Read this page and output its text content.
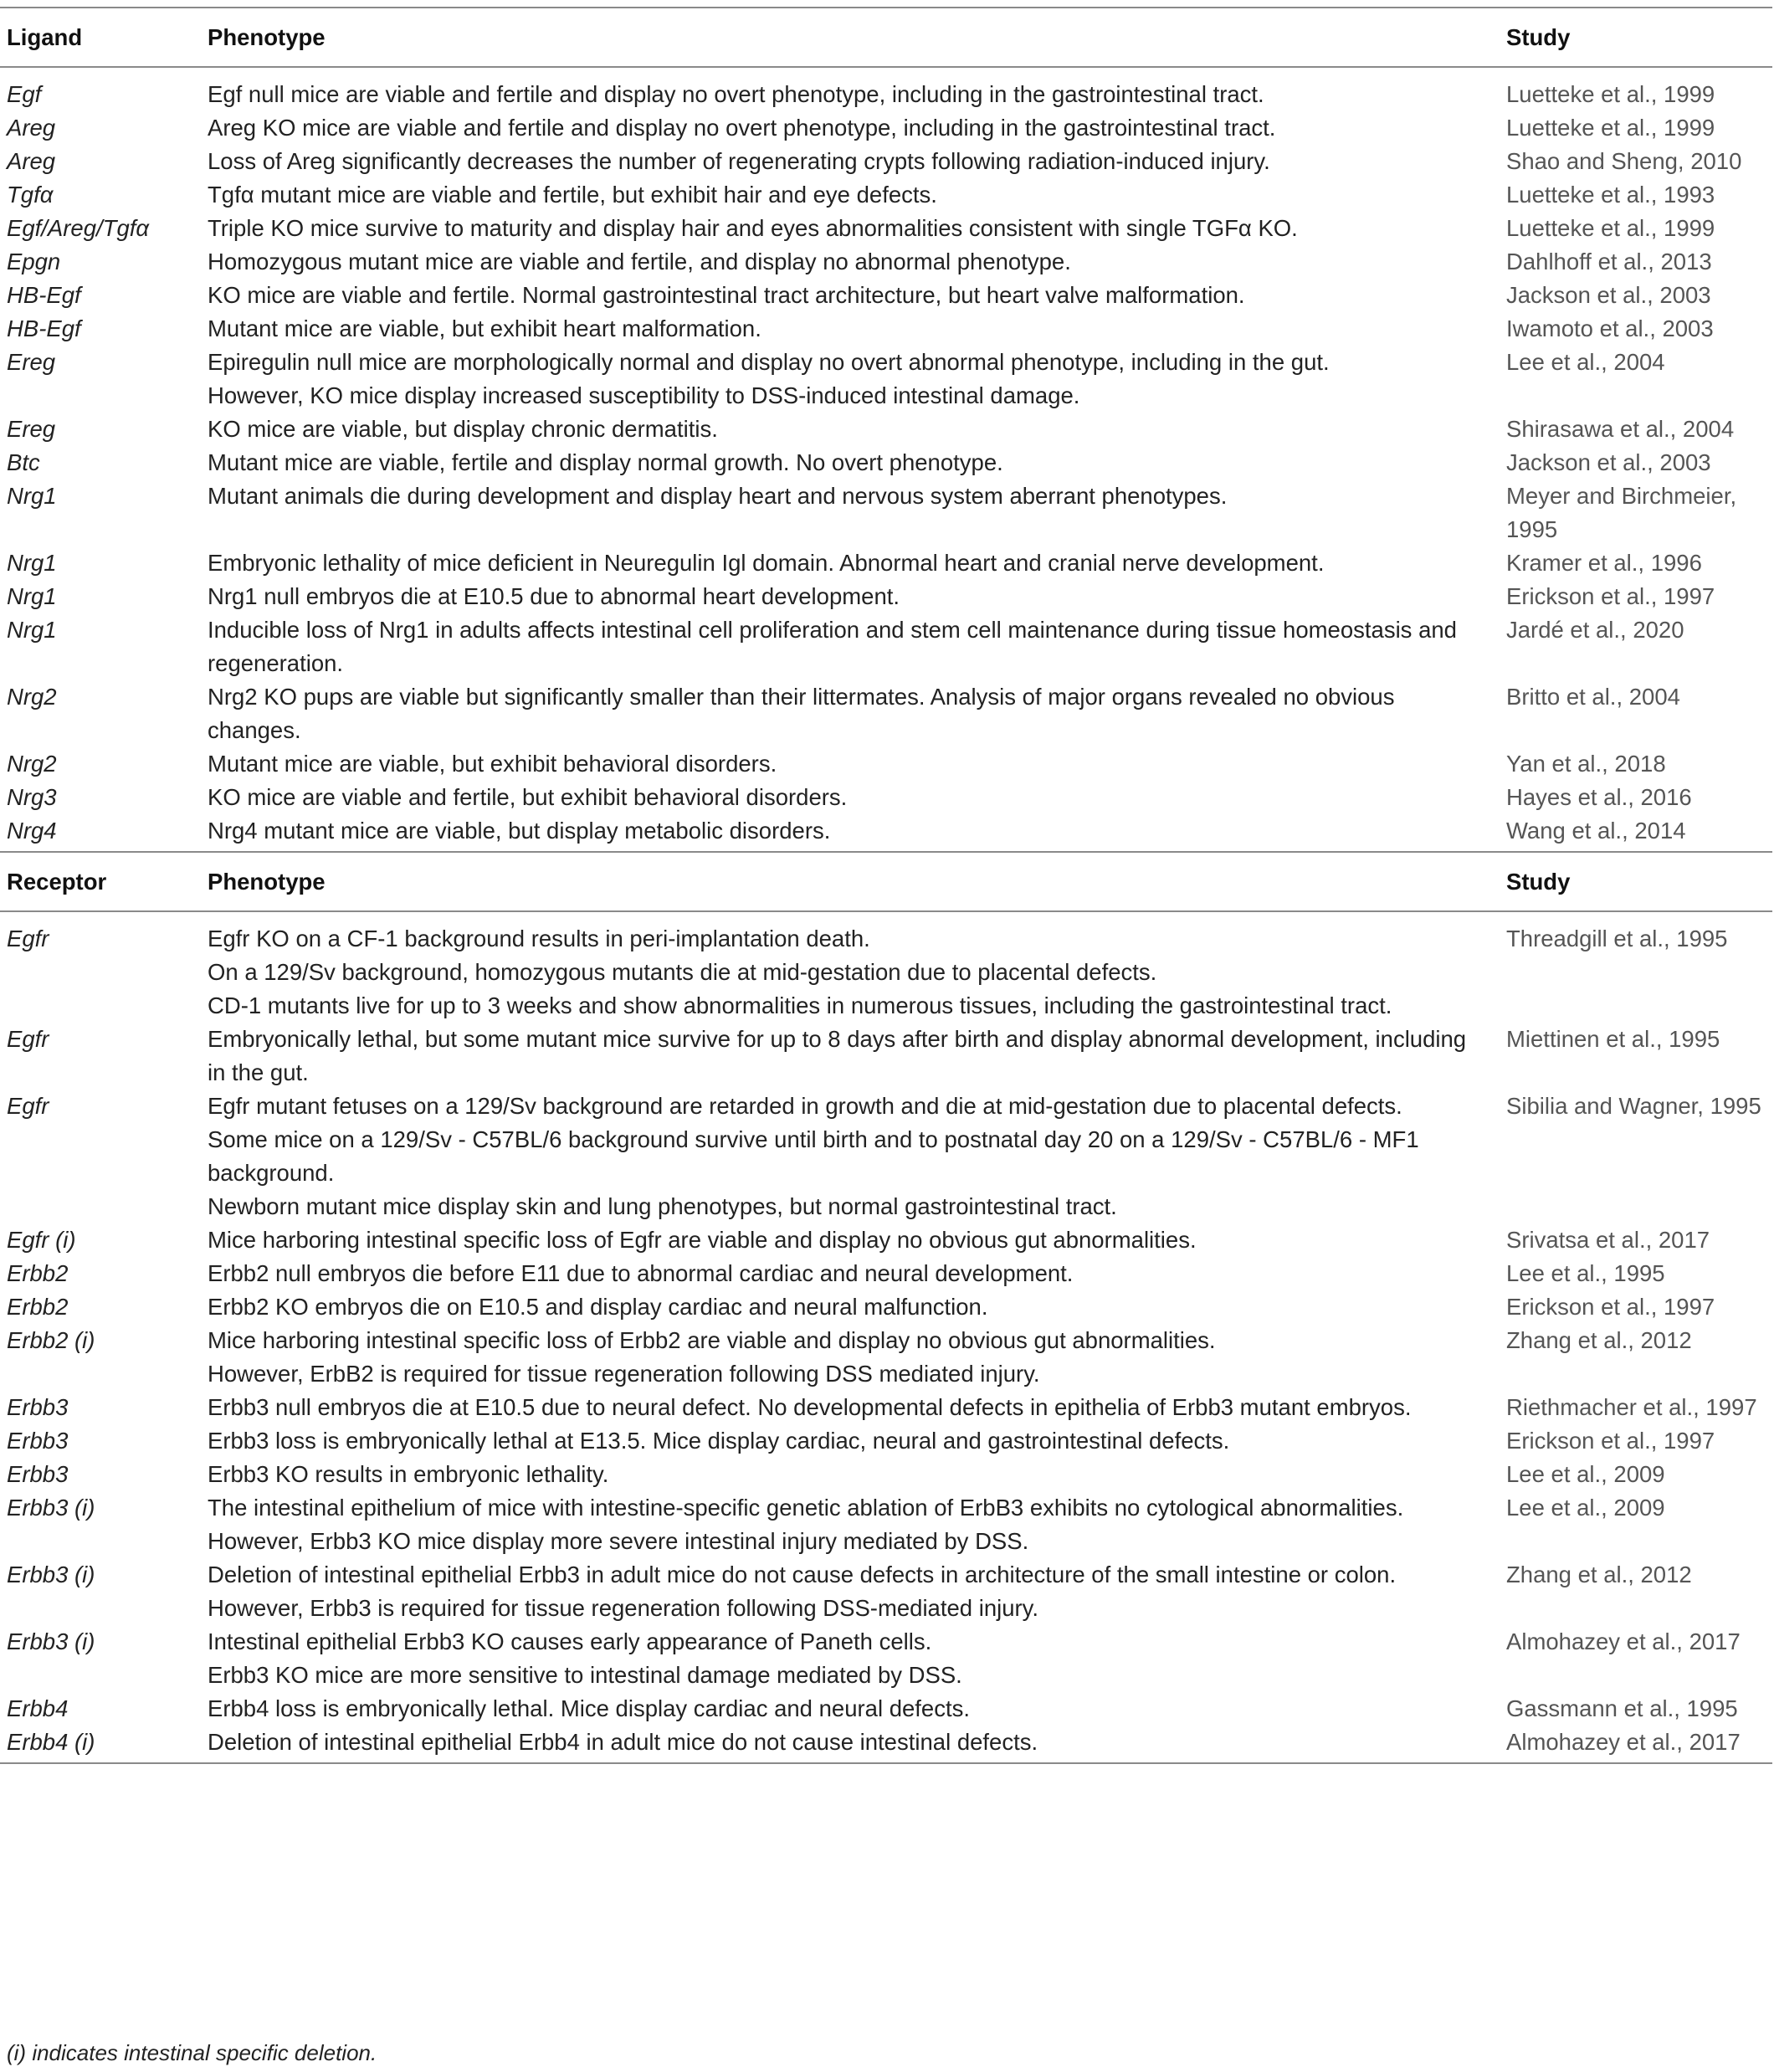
Ligand	Phenotype	Study
Egf	Egf null mice are viable and fertile and display no overt phenotype, including in the gastrointestinal tract.	Luetteke et al., 1999
Areg	Areg KO mice are viable and fertile and display no overt phenotype, including in the gastrointestinal tract.	Luetteke et al., 1999
Areg	Loss of Areg significantly decreases the number of regenerating crypts following radiation-induced injury.	Shao and Sheng, 2010
Tgfα	Tgfα mutant mice are viable and fertile, but exhibit hair and eye defects.	Luetteke et al., 1993
Egf/Areg/Tgfα	Triple KO mice survive to maturity and display hair and eyes abnormalities consistent with single TGFα KO.	Luetteke et al., 1999
Epgn	Homozygous mutant mice are viable and fertile, and display no abnormal phenotype.	Dahlhoff et al., 2013
HB-Egf	KO mice are viable and fertile. Normal gastrointestinal tract architecture, but heart valve malformation.	Jackson et al., 2003
HB-Egf	Mutant mice are viable, but exhibit heart malformation.	Iwamoto et al., 2003
Ereg	Epiregulin null mice are morphologically normal and display no overt abnormal phenotype, including in the gut.	Lee et al., 2004
	However, KO mice display increased susceptibility to DSS-induced intestinal damage.	
Ereg	KO mice are viable, but display chronic dermatitis.	Shirasawa et al., 2004
Btc	Mutant mice are viable, fertile and display normal growth. No overt phenotype.	Jackson et al., 2003
Nrg1	Mutant animals die during development and display heart and nervous system aberrant phenotypes.	Meyer and Birchmeier, 1995
Nrg1	Embryonic lethality of mice deficient in Neuregulin Igl domain. Abnormal heart and cranial nerve development.	Kramer et al., 1996
Nrg1	Nrg1 null embryos die at E10.5 due to abnormal heart development.	Erickson et al., 1997
Nrg1	Inducible loss of Nrg1 in adults affects intestinal cell proliferation and stem cell maintenance during tissue homeostasis and regeneration.	Jardé et al., 2020
Nrg2	Nrg2 KO pups are viable but significantly smaller than their littermates. Analysis of major organs revealed no obvious changes.	Britto et al., 2004
Nrg2	Mutant mice are viable, but exhibit behavioral disorders.	Yan et al., 2018
Nrg3	KO mice are viable and fertile, but exhibit behavioral disorders.	Hayes et al., 2016
Nrg4	Nrg4 mutant mice are viable, but display metabolic disorders.	Wang et al., 2014
Receptor	Phenotype	Study
Egfr	Egfr KO on a CF-1 background results in peri-implantation death.	Threadgill et al., 1995
	On a 129/Sv background, homozygous mutants die at mid-gestation due to placental defects.	
	CD-1 mutants live for up to 3 weeks and show abnormalities in numerous tissues, including the gastrointestinal tract.	
Egfr	Embryonically lethal, but some mutant mice survive for up to 8 days after birth and display abnormal development, including in the gut.	Miettinen et al., 1995
Egfr	Egfr mutant fetuses on a 129/Sv background are retarded in growth and die at mid-gestation due to placental defects.	Sibilia and Wagner, 1995
	Some mice on a 129/Sv - C57BL/6 background survive until birth and to postnatal day 20 on a 129/Sv - C57BL/6 - MF1 background.	
	Newborn mutant mice display skin and lung phenotypes, but normal gastrointestinal tract.	
Egfr (i)	Mice harboring intestinal specific loss of Egfr are viable and display no obvious gut abnormalities.	Srivatsa et al., 2017
Erbb2	Erbb2 null embryos die before E11 due to abnormal cardiac and neural development.	Lee et al., 1995
Erbb2	Erbb2 KO embryos die on E10.5 and display cardiac and neural malfunction.	Erickson et al., 1997
Erbb2 (i)	Mice harboring intestinal specific loss of Erbb2 are viable and display no obvious gut abnormalities.	Zhang et al., 2012
	However, ErbB2 is required for tissue regeneration following DSS mediated injury.	
Erbb3	Erbb3 null embryos die at E10.5 due to neural defect. No developmental defects in epithelia of Erbb3 mutant embryos.	Riethmacher et al., 1997
Erbb3	Erbb3 loss is embryonically lethal at E13.5. Mice display cardiac, neural and gastrointestinal defects.	Erickson et al., 1997
Erbb3	Erbb3 KO results in embryonic lethality.	Lee et al., 2009
Erbb3 (i)	The intestinal epithelium of mice with intestine-specific genetic ablation of ErbB3 exhibits no cytological abnormalities.	Lee et al., 2009
	However, Erbb3 KO mice display more severe intestinal injury mediated by DSS.	
Erbb3 (i)	Deletion of intestinal epithelial Erbb3 in adult mice do not cause defects in architecture of the small intestine or colon.	Zhang et al., 2012
	However, Erbb3 is required for tissue regeneration following DSS-mediated injury.	
Erbb3 (i)	Intestinal epithelial Erbb3 KO causes early appearance of Paneth cells.	Almohazey et al., 2017
	Erbb3 KO mice are more sensitive to intestinal damage mediated by DSS.	
Erbb4	Erbb4 loss is embryonically lethal. Mice display cardiac and neural defects.	Gassmann et al., 1995
Erbb4 (i)	Deletion of intestinal epithelial Erbb4 in adult mice do not cause intestinal defects.	Almohazey et al., 2017
(i) indicates intestinal specific deletion.
